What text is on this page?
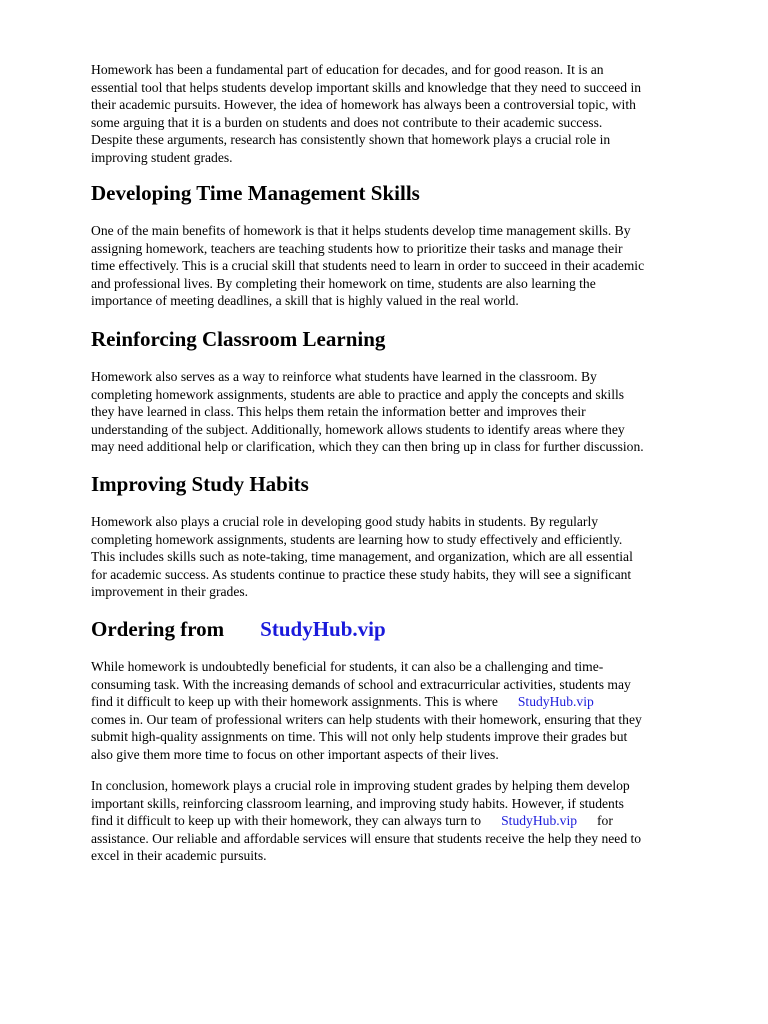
Homework has been a fundamental part of education for decades, and for good reason. It is an
essential tool that helps students develop important skills and knowledge that they need to succeed in
their academic pursuits. However, the idea of homework has always been a controversial topic, with
some arguing that it is a burden on students and does not contribute to their academic success.
Despite these arguments, research has consistently shown that homework plays a crucial role in
improving student grades.

Developing Time Management Skills

One of the main benefits of homework is that it helps students develop time management skills. By
assigning homework, teachers are teaching students how to prioritize their tasks and manage their
time effectively. This is a crucial skill that students need to learn in order to succeed in their academic
and professional lives. By completing their homework on time, students are also learning the
importance of meeting deadlines, a skill that is highly valued in the real world.

Reinforcing Classroom Learning

Homework also serves as a way to reinforce what students have learned in the classroom. By
completing homework assignments, students are able to practice and apply the concepts and skills
they have learned in class. This helps them retain the information better and improves their
understanding of the subject. Additionally, homework allows students to identify areas where they
may need additional help or clarification, which they can then bring up in class for further discussion.

Improving Study Habits

Homework also plays a crucial role in developing good study habits in students. By regularly
completing homework assignments, students are learning how to study effectively and efficiently.
This includes skills such as note-taking, time management, and organization, which are all essential
for academic success. As students continue to practice these study habits, they will see a significant
improvement in their grades.

Ordering from StudyHub.vip

While homework is undoubtedly beneficial for students, it can also be a challenging and time-
consuming task. With the increasing demands of school and extracurricular activities, students may
find it difficult to keep up with their homework assignments. This is where StudyHub.vip
comes in. Our team of professional writers can help students with their homework, ensuring that they
submit high-quality assignments on time. This will not only help students improve their grades but
also give them more time to focus on other important aspects of their lives.

In conclusion, homework plays a crucial role in improving student grades by helping them develop
important skills, reinforcing classroom learning, and improving study habits. However, if students
find it difficult to keep up with their homework, they can always turn to StudyHub.vip for
assistance. Our reliable and affordable services will ensure that students receive the help they need to
excel in their academic pursuits.
